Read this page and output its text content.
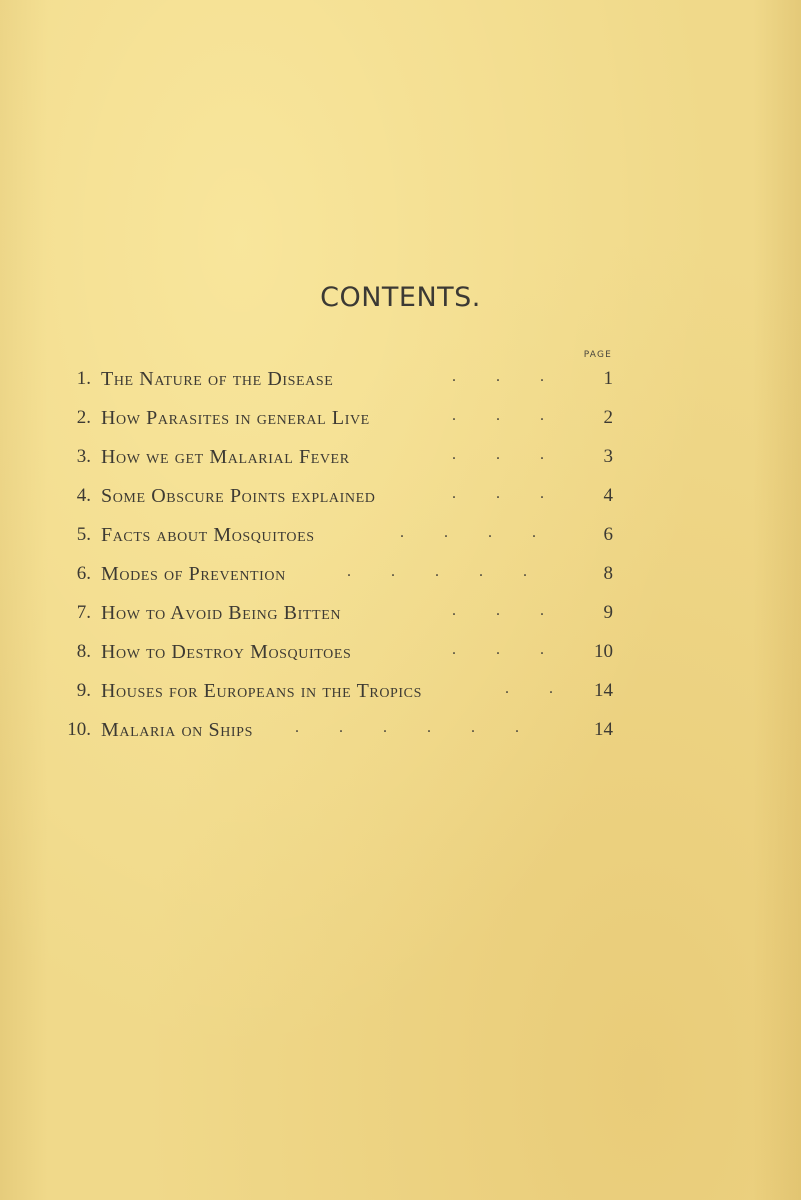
CONTENTS.
PAGE
1. The Nature of the Disease	.          .          .	1
2. How Parasites in general Live	.          .          .	2
3. How we get Malarial Fever	.          .          .	3
4. Some Obscure Points explained	.          .          .	4
5. Facts about Mosquitoes	.          .          .          .	6
6. Modes of Prevention	.          .          .          .          .	8
7. How to Avoid Being Bitten	.          .          .	9
8. How to Destroy Mosquitoes	.          .          .	10
9. Houses for Europeans in the Tropics	.          . 14
10. Malaria on Ships	.          .          .          .          .          .	14
